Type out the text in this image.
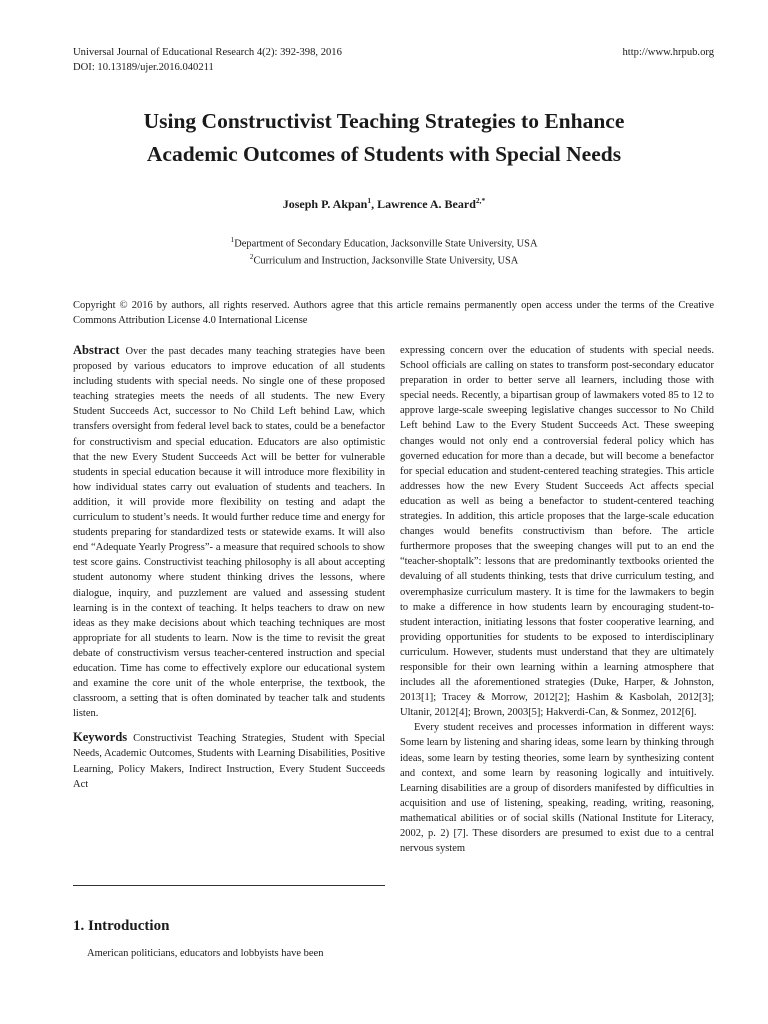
Universal Journal of Educational Research 4(2): 392-398, 2016	http://www.hrpub.org
DOI: 10.13189/ujer.2016.040211
Using Constructivist Teaching Strategies to Enhance
Academic Outcomes of Students with Special Needs
Joseph P. Akpan$^1$, Lawrence A. Beard$^{2,*}$
$^1$Department of Secondary Education, Jacksonville State University, USA
$^2$Curriculum and Instruction, Jacksonville State University, USA
Copyright © 2016 by authors, all rights reserved. Authors agree that this article remains permanently open access under the terms of the Creative Commons Attribution License 4.0 International License

Abstract Over the past decades many teaching strategies have been proposed by various educators to improve education of all students including students with special needs. No single one of these proposed teaching strategies meets the needs of all students. The new Every Student Succeeds Act, successor to No Child Left behind Law, which transfers oversight from federal level back to states, could be a benefactor for constructivism and special education. Educators are also optimistic that the new Every Student Succeeds Act will be better for vulnerable students in special education because it will introduce more flexibility in how individual states carry out evaluation of students and teachers. In addition, it will provide more flexibility on testing and adapt the curriculum to student’s needs. It would further reduce time and energy for students preparing for standardized tests or statewide exams. It will also end “Adequate Yearly Progress”- a measure that required schools to show test score gains. Constructivist teaching philosophy is all about accepting student autonomy where student thinking drives the lessons, where dialogue, inquiry, and puzzlement are valued and assessing student learning is in the context of teaching. It helps teachers to draw on new ideas as they make decisions about which teaching techniques are most appropriate for all students to learn. Now is the time to revisit the great debate of constructivism versus teacher-centered instruction and special education. Time has come to effectively explore our educational system and examine the core unit of the whole enterprise, the textbook, the classroom, a setting that is often dominated by teacher talk and students listen.

Keywords Constructivist Teaching Strategies, Student with Special Needs, Academic Outcomes, Students with Learning Disabilities, Positive Learning, Policy Makers, Indirect Instruction, Every Student Succeeds Act

1. Introduction
American politicians, educators and lobbyists have been

expressing concern over the education of students with special needs. School officials are calling on states to transform post-secondary educator preparation in order to better serve all learners, including those with special needs. Recently, a bipartisan group of lawmakers voted 85 to 12 to approve large-scale sweeping legislative changes successor to No Child Left behind Law to the Every Student Succeeds Act. These sweeping changes would not only end a controversial federal policy which has governed education for more than a decade, but will become a benefactor for special education and student-centered teaching strategies. This article addresses how the new Every Student Succeeds Act affects special education as well as being a benefactor to student-centered teaching strategies. In addition, this article proposes that the large-scale education changes would benefits constructivism than before. The article furthermore proposes that the sweeping changes will put to an end the “teacher-shoptalk”: lessons that are predominantly textbooks oriented the devaluing of all students thinking, tests that drive curriculum testing, and overemphasize curriculum mastery. It is time for the lawmakers to begin to make a difference in how students learn by encouraging student-to-student interaction, initiating lessons that foster cooperative learning, and providing opportunities for students to be exposed to interdisciplinary curriculum. However, students must understand that they are ultimately responsible for their own learning within a learning atmosphere that includes all the aforementioned strategies (Duke, Harper, & Johnston, 2013[1]; Tracey & Morrow, 2012[2]; Hashim & Kasbolah, 2012[3]; Ultanir, 2012[4]; Brown, 2003[5]; Hakverdi-Can, & Sonmez, 2012[6].

Every student receives and processes information in different ways: Some learn by listening and sharing ideas, some learn by thinking through ideas, some learn by testing theories, some learn by synthesizing content and context, and some learn by reasoning logically and intuitively. Learning disabilities are a group of disorders manifested by difficulties in acquisition and use of listening, speaking, reading, writing, reasoning, mathematical abilities or of social skills (National Institute for Literacy, 2002, p. 2) [7]. These disorders are presumed to exist due to a central nervous system
